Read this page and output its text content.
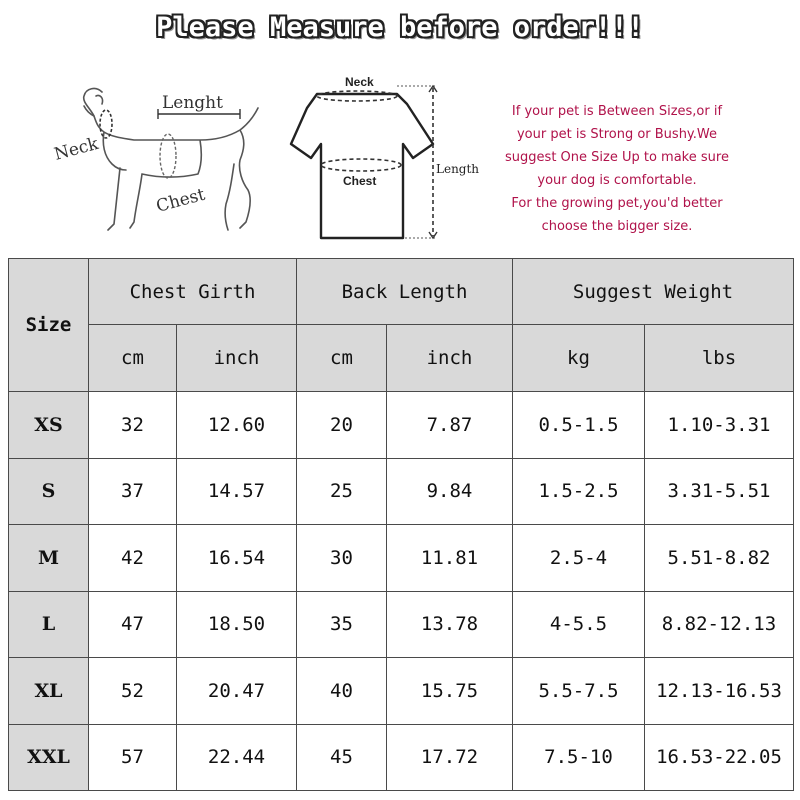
Please Measure before order!!!
Lenght
Neck
Chest
Neck
Chest
Length
If your pet is Between Sizes,or if
your pet is Strong or Bushy.We
suggest One Size Up to make sure
your dog is comfortable.
For the growing pet,you'd better
choose the bigger size.
Size	Chest Girth		Back Length		Suggest Weight	
	cm	inch	cm	inch	kg	lbs
XS	32	12.60	20	7.87	0.5-1.5	1.10-3.31
S	37	14.57	25	9.84	1.5-2.5	3.31-5.51
M	42	16.54	30	11.81	2.5-4	5.51-8.82
L	47	18.50	35	13.78	4-5.5	8.82-12.13
XL	52	20.47	40	15.75	5.5-7.5	12.13-16.53
XXL	57	22.44	45	17.72	7.5-10	16.53-22.05
